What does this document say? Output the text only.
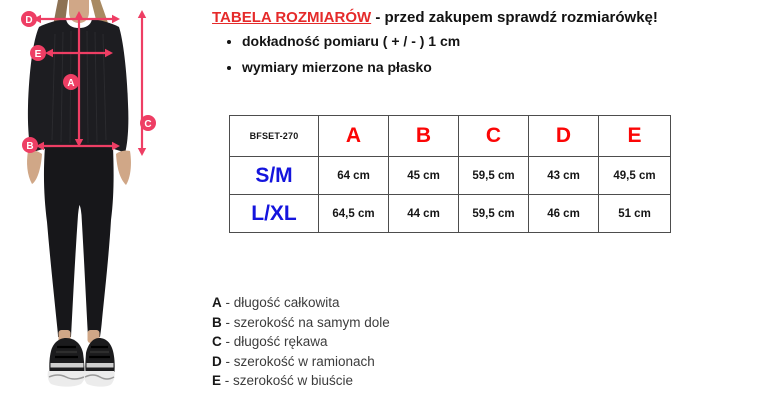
D
E
A
B
C
TABELA ROZMIARÓW - przed zakupem sprawdź rozmiarówkę!
• dokładność pomiaru ( + / - ) 1 cm
• wymiary mierzone na płasko
BFSET-270	A	B	C	D	E
S/M	64 cm	45 cm	59,5 cm	43 cm	49,5 cm
L/XL	64,5 cm	44 cm	59,5 cm	46 cm	51 cm
A - długość całkowita
B - szerokość na samym dole
C - długość rękawa
D - szerokość w ramionach
E - szerokość w biuście
